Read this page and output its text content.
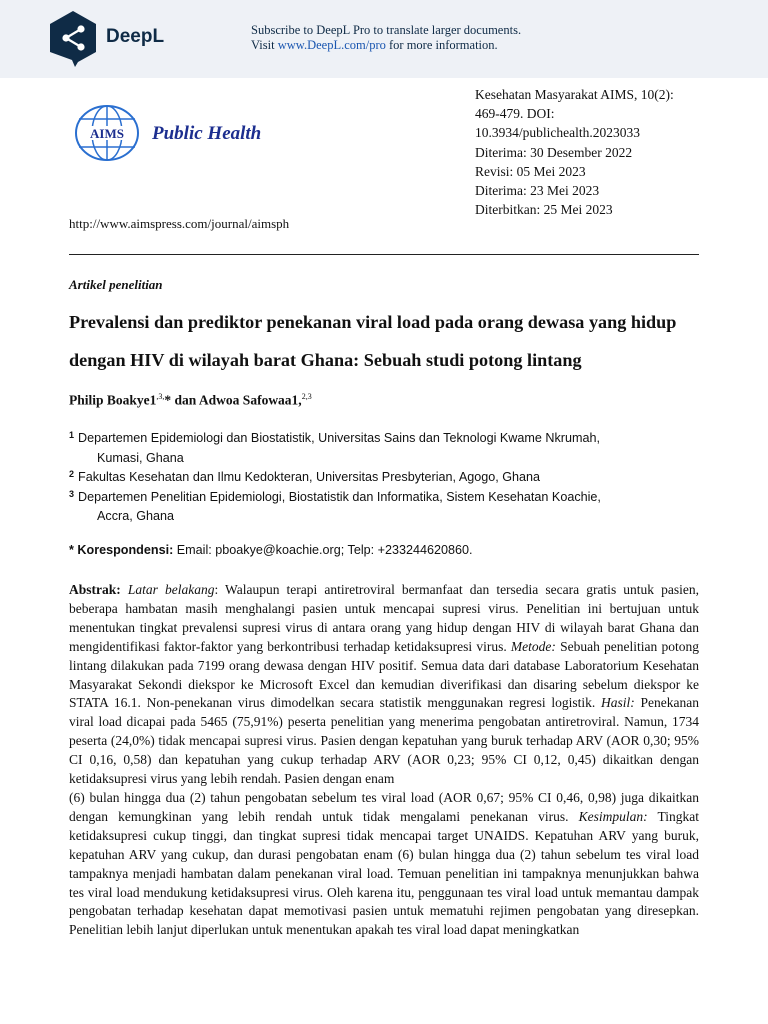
DeepL	Subscribe to DeepL Pro to translate larger documents.
Visit www.DeepL.com/pro for more information.
AIMS Public Health
Kesehatan Masyarakat AIMS, 10(2):
469-479. DOI:
10.3934/publichealth.2023033
Diterima: 30 Desember 2022
Revisi: 05 Mei 2023
Diterima: 23 Mei 2023
Diterbitkan: 25 Mei 2023
http://www.aimspress.com/journal/aimsph
Artikel penelitian
Prevalensi dan prediktor penekanan viral load pada orang dewasa yang hidup dengan HIV di wilayah barat Ghana: Sebuah studi potong lintang
Philip $Boakye1^{,3,}*$ dan Adwoa Safowaa1,$^{2,3}$
1 Departemen Epidemiologi dan Biostatistik, Universitas Sains dan Teknologi Kwame Nkrumah,
Kumasi, Ghana
2 Fakultas Kesehatan dan Ilmu Kedokteran, Universitas Presbyterian, Agogo, Ghana
3 Departemen Penelitian Epidemiologi, Biostatistik dan Informatika, Sistem Kesehatan Koachie,
Accra, Ghana
* Korespondensi: Email: pboakye@koachie.org; Telp: +233244620860.

Abstrak: Latar belakang: Walaupun terapi antiretroviral bermanfaat dan tersedia secara gratis untuk pasien, beberapa hambatan masih menghalangi pasien untuk mencapai supresi virus. Penelitian ini bertujuan untuk menentukan tingkat prevalensi supresi virus di antara orang yang hidup dengan HIV di wilayah barat Ghana dan mengidentifikasi faktor-faktor yang berkontribusi terhadap ketidaksupresi virus. Metode: Sebuah penelitian potong lintang dilakukan pada 7199 orang dewasa dengan HIV positif. Semua data dari database Laboratorium Kesehatan Masyarakat Sekondi diekspor ke Microsoft Excel dan kemudian diverifikasi dan disaring sebelum diekspor ke STATA 16.1. Non-penekanan virus dimodelkan secara statistik menggunakan regresi logistik. Hasil: Penekanan viral load dicapai pada 5465 (75,91%) peserta penelitian yang menerima pengobatan antiretroviral. Namun, 1734 peserta (24,0%) tidak mencapai supresi virus. Pasien dengan kepatuhan yang buruk terhadap ARV (AOR 0,30; 95% CI 0,16, 0,58) dan kepatuhan yang cukup terhadap ARV (AOR 0,23; 95% CI 0,12, 0,45) dikaitkan dengan ketidaksupresi virus yang lebih rendah. Pasien dengan enam
(6) bulan hingga dua (2) tahun pengobatan sebelum tes viral load (AOR 0,67; 95% CI 0,46, 0,98) juga dikaitkan dengan kemungkinan yang lebih rendah untuk tidak mengalami penekanan virus. Kesimpulan: Tingkat ketidaksupresi cukup tinggi, dan tingkat supresi tidak mencapai target UNAIDS. Kepatuhan ARV yang buruk, kepatuhan ARV yang cukup, dan durasi pengobatan enam (6) bulan hingga dua (2) tahun sebelum tes viral load tampaknya menjadi hambatan dalam penekanan viral load. Temuan penelitian ini tampaknya menunjukkan bahwa tes viral load mendukung ketidaksupresi virus. Oleh karena itu, penggunaan tes viral load untuk memantau dampak pengobatan terhadap kesehatan dapat memotivasi pasien untuk mematuhi rejimen pengobatan yang diresepkan. Penelitian lebih lanjut diperlukan untuk menentukan apakah tes viral load dapat meningkatkan
